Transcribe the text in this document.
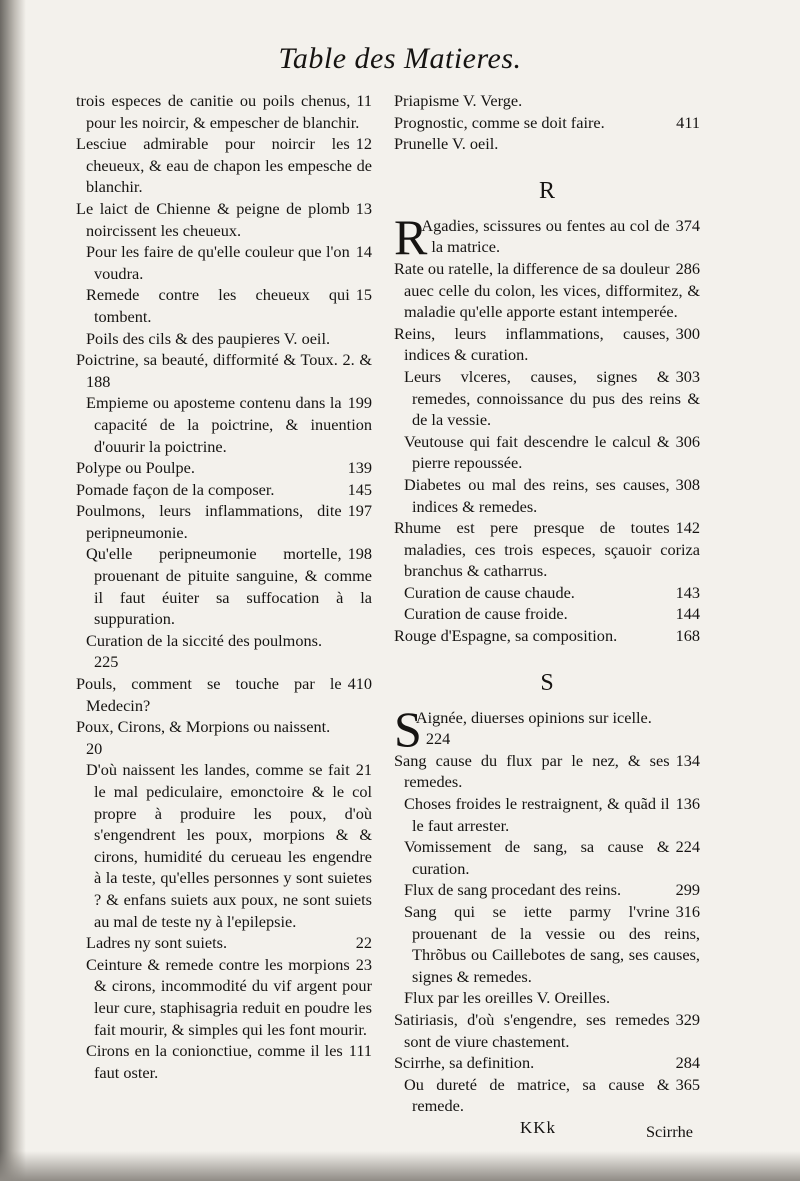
Table des Matieres.
11
trois especes de canitie ou poils chenus, pour les noircir, & empescher de blanchir.
12
Lesciue admirable pour noircir les cheueux, & eau de chapon les empesche de blanchir.
13
Le laict de Chienne & peigne de plomb noircissent les cheueux.
14
Pour les faire de qu'elle couleur que l'on voudra.
15
Remede contre les cheueux qui tombent.
Poils des cils & des paupieres V. oeil.
Poictrine, sa beauté, difformité & Toux. 2. & 188
199
Empieme ou aposteme contenu dans la capacité de la poictrine, & inuention d'ouurir la poictrine.
139
Polype ou Poulpe.
145
Pomade façon de la composer.
197
Poulmons, leurs inflammations, dite peripneumonie.
198
Qu'elle peripneumonie mortelle, prouenant de pituite sanguine, & comme il faut éuiter sa suffocation à la suppuration.
Curation de la siccité des poulmons.
225
410
Pouls, comment se touche par le Medecin?
Poux, Cirons, & Morpions ou naissent.
20
21
D'où naissent les landes, comme se fait le mal pediculaire, emonctoire & le col propre à produire les poux, d'où s'engendrent les poux, morpions & & cirons, humidité du cerueau les engendre à la teste, qu'elles personnes y sont suietes ? & enfans suiets aux poux, ne sont suiets au mal de teste ny à l'epilepsie.
22
Ladres ny sont suiets.
23
Ceinture & remede contre les morpions & cirons, incommodité du vif argent pour leur cure, staphisagria reduit en poudre les fait mourir, & simples qui les font mourir.
111
Cirons en la conionctiue, comme il les faut oster.
Priapisme V. Verge.
411
Prognostic, comme se doit faire.
Prunelle V. oeil.
R
R	374
Agadies, scissures ou fentes au col de la matrice.
286
Rate ou ratelle, la difference de sa douleur auec celle du colon, les vices, difformitez, & maladie qu'elle apporte estant intemperée.
300
Reins, leurs inflammations, causes, indices & curation.
303
Leurs vlceres, causes, signes & remedes, connoissance du pus des reins & de la vessie.
306
Veutouse qui fait descendre le calcul & pierre repoussée.
308
Diabetes ou mal des reins, ses causes, indices & remedes.
142
Rhume est pere presque de toutes maladies, ces trois especes, sçauoir coriza branchus & catharrus.
143
Curation de cause chaude.
144
Curation de cause froide.
168
Rouge d'Espagne, sa composition.
S
S
Aignée, diuerses opinions sur icelle.
224
134
Sang cause du flux par le nez, & ses remedes.
136
Choses froides le restraignent, & quãd il le faut arrester.
224
Vomissement de sang, sa cause & curation.
299
Flux de sang procedant des reins.
316
Sang qui se iette parmy l'vrine prouenant de la vessie ou des reins, Thrõbus ou Caillebotes de sang, ses causes, signes & remedes.
Flux par les oreilles V. Oreilles.
329
Satiriasis, d'où s'engendre, ses remedes sont de viure chastement.
284
Scirrhe, sa definition.
365
Ou dureté de matrice, sa cause & remede.
KKk	Scirrhe
